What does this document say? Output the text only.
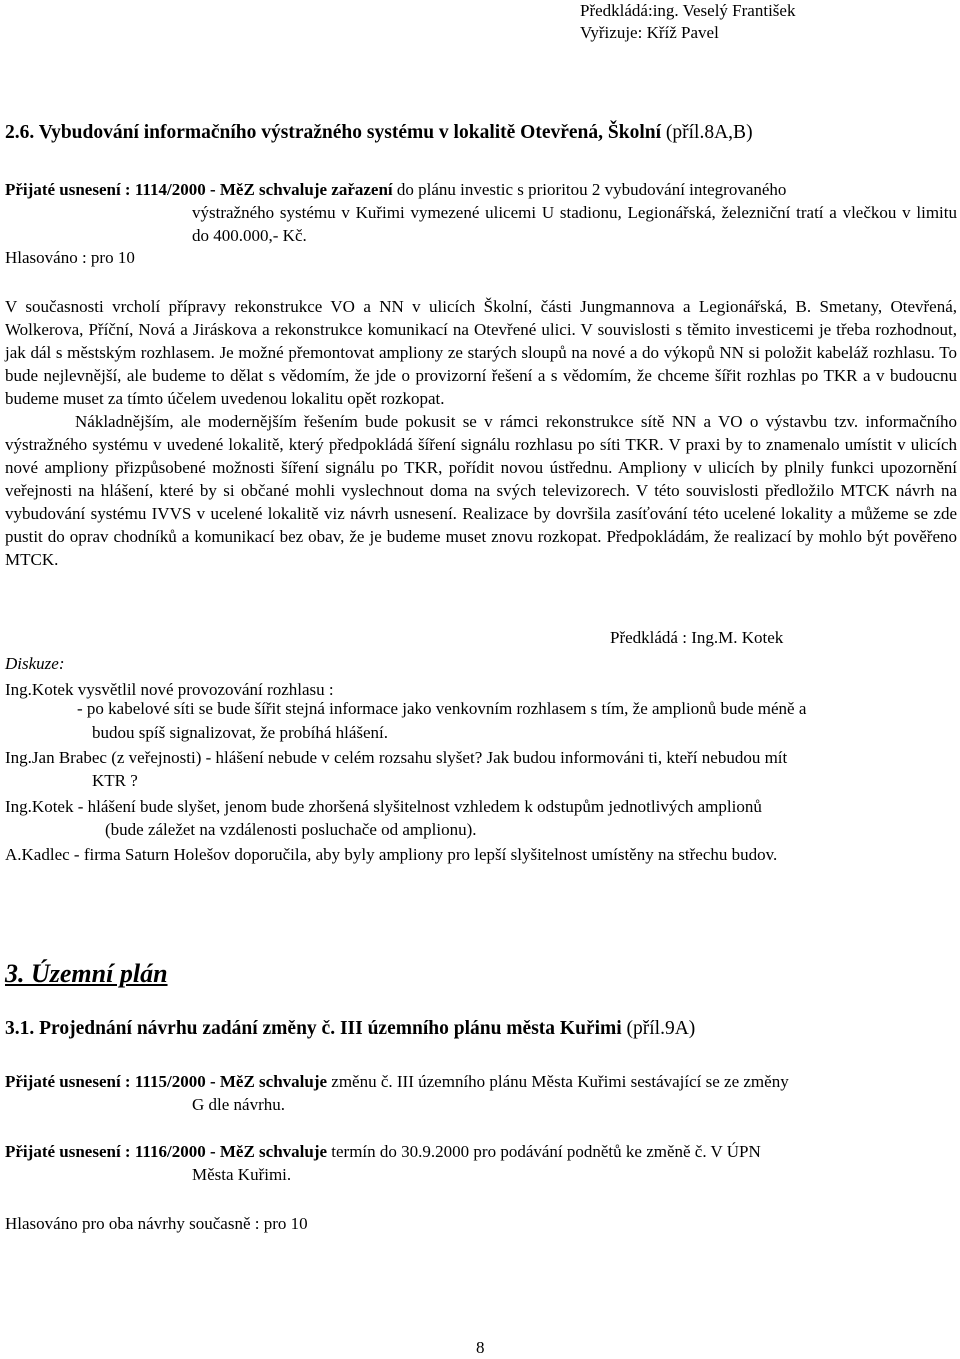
Předkládá:ing. Veselý František
Vyřizuje: Kříž Pavel
2.6. Vybudování informačního výstražného systému v lokalitě Otevřená, Školní (příl.8A,B)
Přijaté usnesení : 1114/2000 - MěZ schvaluje zařazení do plánu investic s prioritou 2 vybudování integrovaného
výstražného systému v Kuřimi vymezené ulicemi U stadionu, Legionářská, železniční tratí a vlečkou v limitu do 400.000,- Kč.
Hlasováno : pro 10

V současnosti vrcholí přípravy rekonstrukce VO a NN v ulicích Školní, části Jungmannova a Legionářská, B. Smetany, Otevřená, Wolkerova, Příční, Nová a Jiráskova a rekonstrukce komunikací na Otevřené ulici. V souvislosti s těmito investicemi je třeba rozhodnout, jak dál s městským rozhlasem. Je možné přemontovat ampliony ze starých sloupů na nové a do výkopů NN si položit kabeláž rozhlasu. To bude nejlevnější, ale budeme to dělat s vědomím, že jde o provizorní řešení a s vědomím, že chceme šířit rozhlas po TKR a v budoucnu budeme muset za tímto účelem uvedenou lokalitu opět rozkopat.

Nákladnějším, ale modernějším řešením bude pokusit se v rámci rekonstrukce sítě NN a VO o výstavbu tzv. informačního výstražného systému v uvedené lokalitě, který předpokládá šíření signálu rozhlasu po síti TKR. V praxi by to znamenalo umístit v ulicích nové ampliony přizpůsobené možnosti šíření signálu po TKR, pořídit novou ústřednu. Ampliony v ulicích by plnily funkci upozornění veřejnosti na hlášení, které by si občané mohli vyslechnout doma na svých televizorech. V této souvislosti předložilo MTCK návrh na vybudování systému IVVS v ucelené lokalitě viz návrh usnesení. Realizace by dovršila zasíťování této ucelené lokality a můžeme se zde pustit do oprav chodníků a komunikací bez obav, že je budeme muset znovu rozkopat. Předpokládám, že realizací by mohlo být pověřeno MTCK.

Předkládá : Ing.M. Kotek
Diskuze:
Ing.Kotek vysvětlil nové provozování rozhlasu :
- po kabelové síti se bude šířit stejná informace jako venkovním rozhlasem s tím, že amplionů bude méně a
budou spíš signalizovat, že probíhá hlášení.
Ing.Jan Brabec (z veřejnosti) - hlášení nebude v celém rozsahu slyšet? Jak budou informováni ti, kteří nebudou mít
KTR ?
Ing.Kotek - hlášení bude slyšet, jenom bude zhoršená slyšitelnost vzhledem k odstupům jednotlivých amplionů
(bude záležet na vzdálenosti posluchače od amplionu).
A.Kadlec - firma Saturn Holešov doporučila, aby byly ampliony pro lepší slyšitelnost umístěny na střechu budov.
3. Územní plán
3.1. Projednání návrhu zadání změny č. III územního plánu města Kuřimi (příl.9A)
Přijaté usnesení : 1115/2000 - MěZ schvaluje změnu č. III územního plánu Města Kuřimi sestávající se ze změny
G dle návrhu.
Přijaté usnesení : 1116/2000 - MěZ schvaluje termín do 30.9.2000 pro podávání podnětů ke změně č. V ÚPN
Města Kuřimi.
Hlasováno pro oba návrhy současně : pro 10
8
